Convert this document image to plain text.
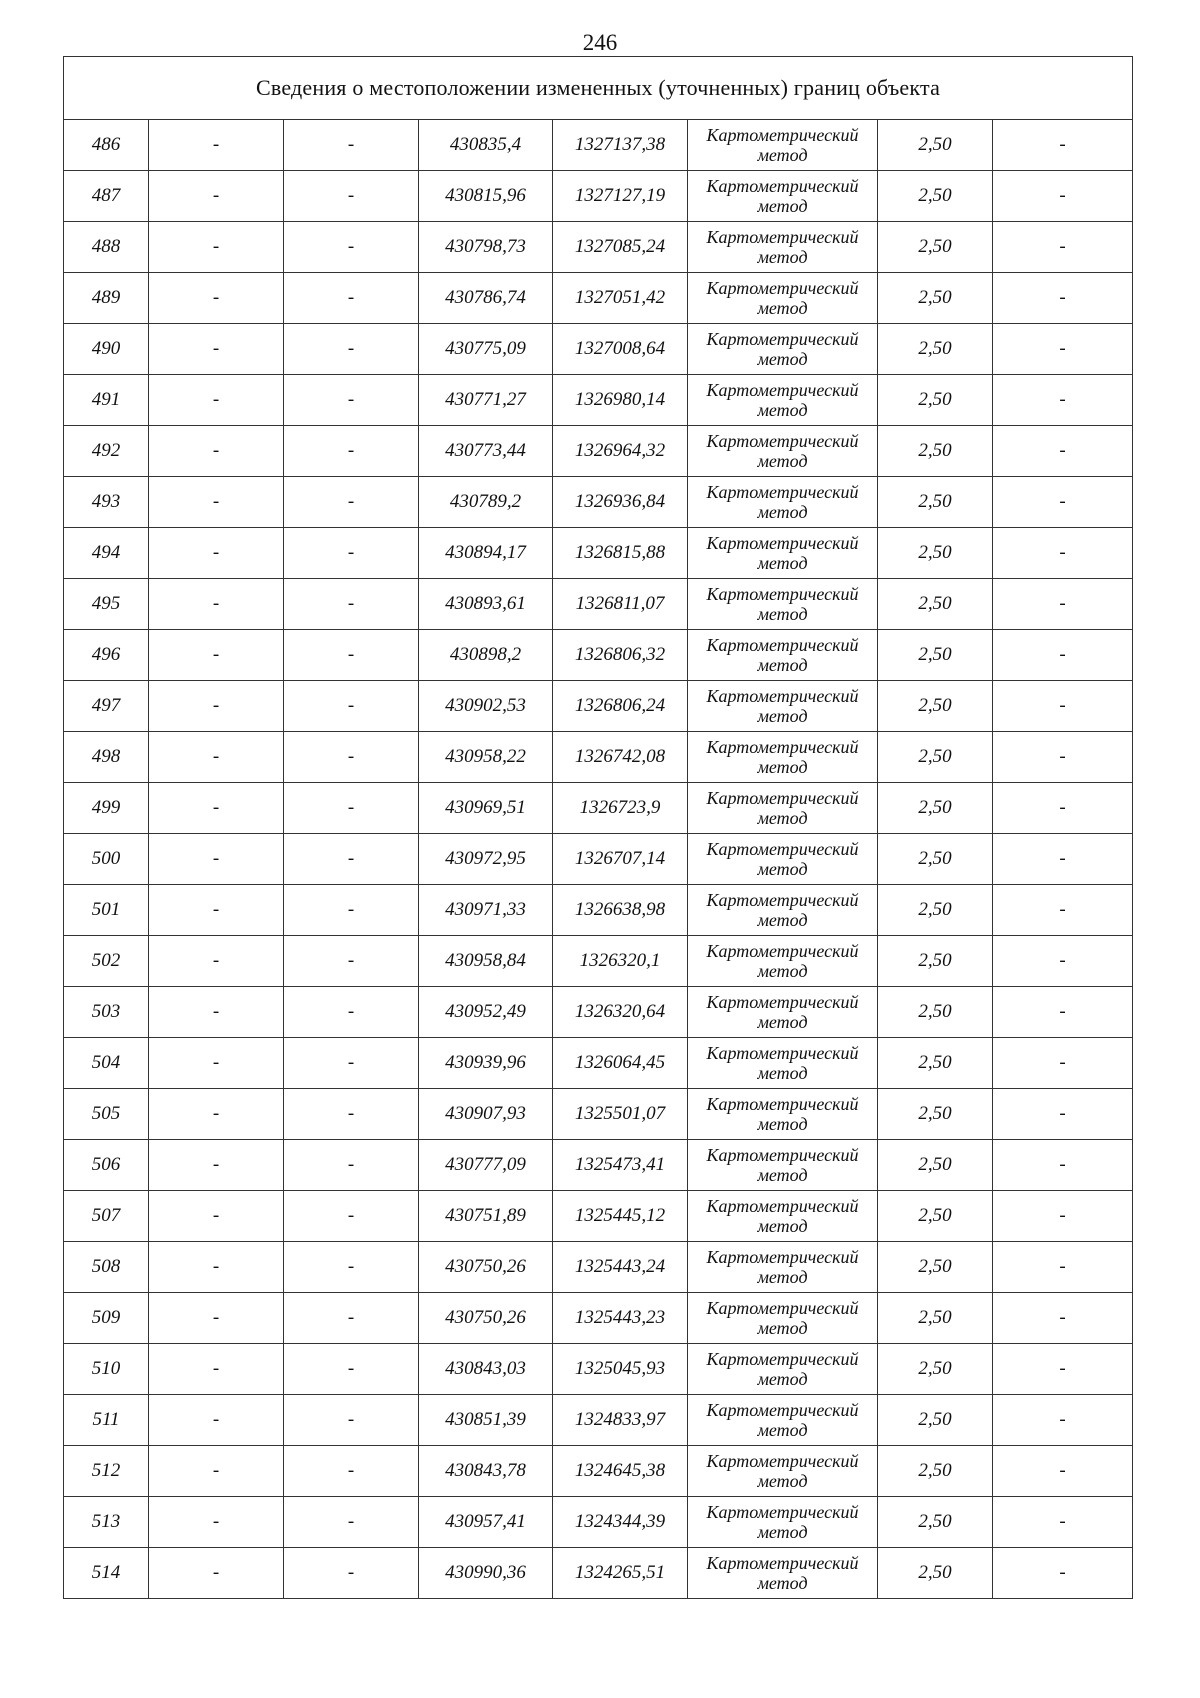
246
Сведения о местоположении измененных (уточненных) границ объекта							
486	-	-	430835,4	1327137,38	Картометрический
метод	2,50	-
487	-	-	430815,96	1327127,19	Картометрический
метод	2,50	-
488	-	-	430798,73	1327085,24	Картометрический
метод	2,50	-
489	-	-	430786,74	1327051,42	Картометрический
метод	2,50	-
490	-	-	430775,09	1327008,64	Картометрический
метод	2,50	-
491	-	-	430771,27	1326980,14	Картометрический
метод	2,50	-
492	-	-	430773,44	1326964,32	Картометрический
метод	2,50	-
493	-	-	430789,2	1326936,84	Картометрический
метод	2,50	-
494	-	-	430894,17	1326815,88	Картометрический
метод	2,50	-
495	-	-	430893,61	1326811,07	Картометрический
метод	2,50	-
496	-	-	430898,2	1326806,32	Картометрический
метод	2,50	-
497	-	-	430902,53	1326806,24	Картометрический
метод	2,50	-
498	-	-	430958,22	1326742,08	Картометрический
метод	2,50	-
499	-	-	430969,51	1326723,9	Картометрический
метод	2,50	-
500	-	-	430972,95	1326707,14	Картометрический
метод	2,50	-
501	-	-	430971,33	1326638,98	Картометрический
метод	2,50	-
502	-	-	430958,84	1326320,1	Картометрический
метод	2,50	-
503	-	-	430952,49	1326320,64	Картометрический
метод	2,50	-
504	-	-	430939,96	1326064,45	Картометрический
метод	2,50	-
505	-	-	430907,93	1325501,07	Картометрический
метод	2,50	-
506	-	-	430777,09	1325473,41	Картометрический
метод	2,50	-
507	-	-	430751,89	1325445,12	Картометрический
метод	2,50	-
508	-	-	430750,26	1325443,24	Картометрический
метод	2,50	-
509	-	-	430750,26	1325443,23	Картометрический
метод	2,50	-
510	-	-	430843,03	1325045,93	Картометрический
метод	2,50	-
511	-	-	430851,39	1324833,97	Картометрический
метод	2,50	-
512	-	-	430843,78	1324645,38	Картометрический
метод	2,50	-
513	-	-	430957,41	1324344,39	Картометрический
метод	2,50	-
514	-	-	430990,36	1324265,51	Картометрический
метод	2,50	-
